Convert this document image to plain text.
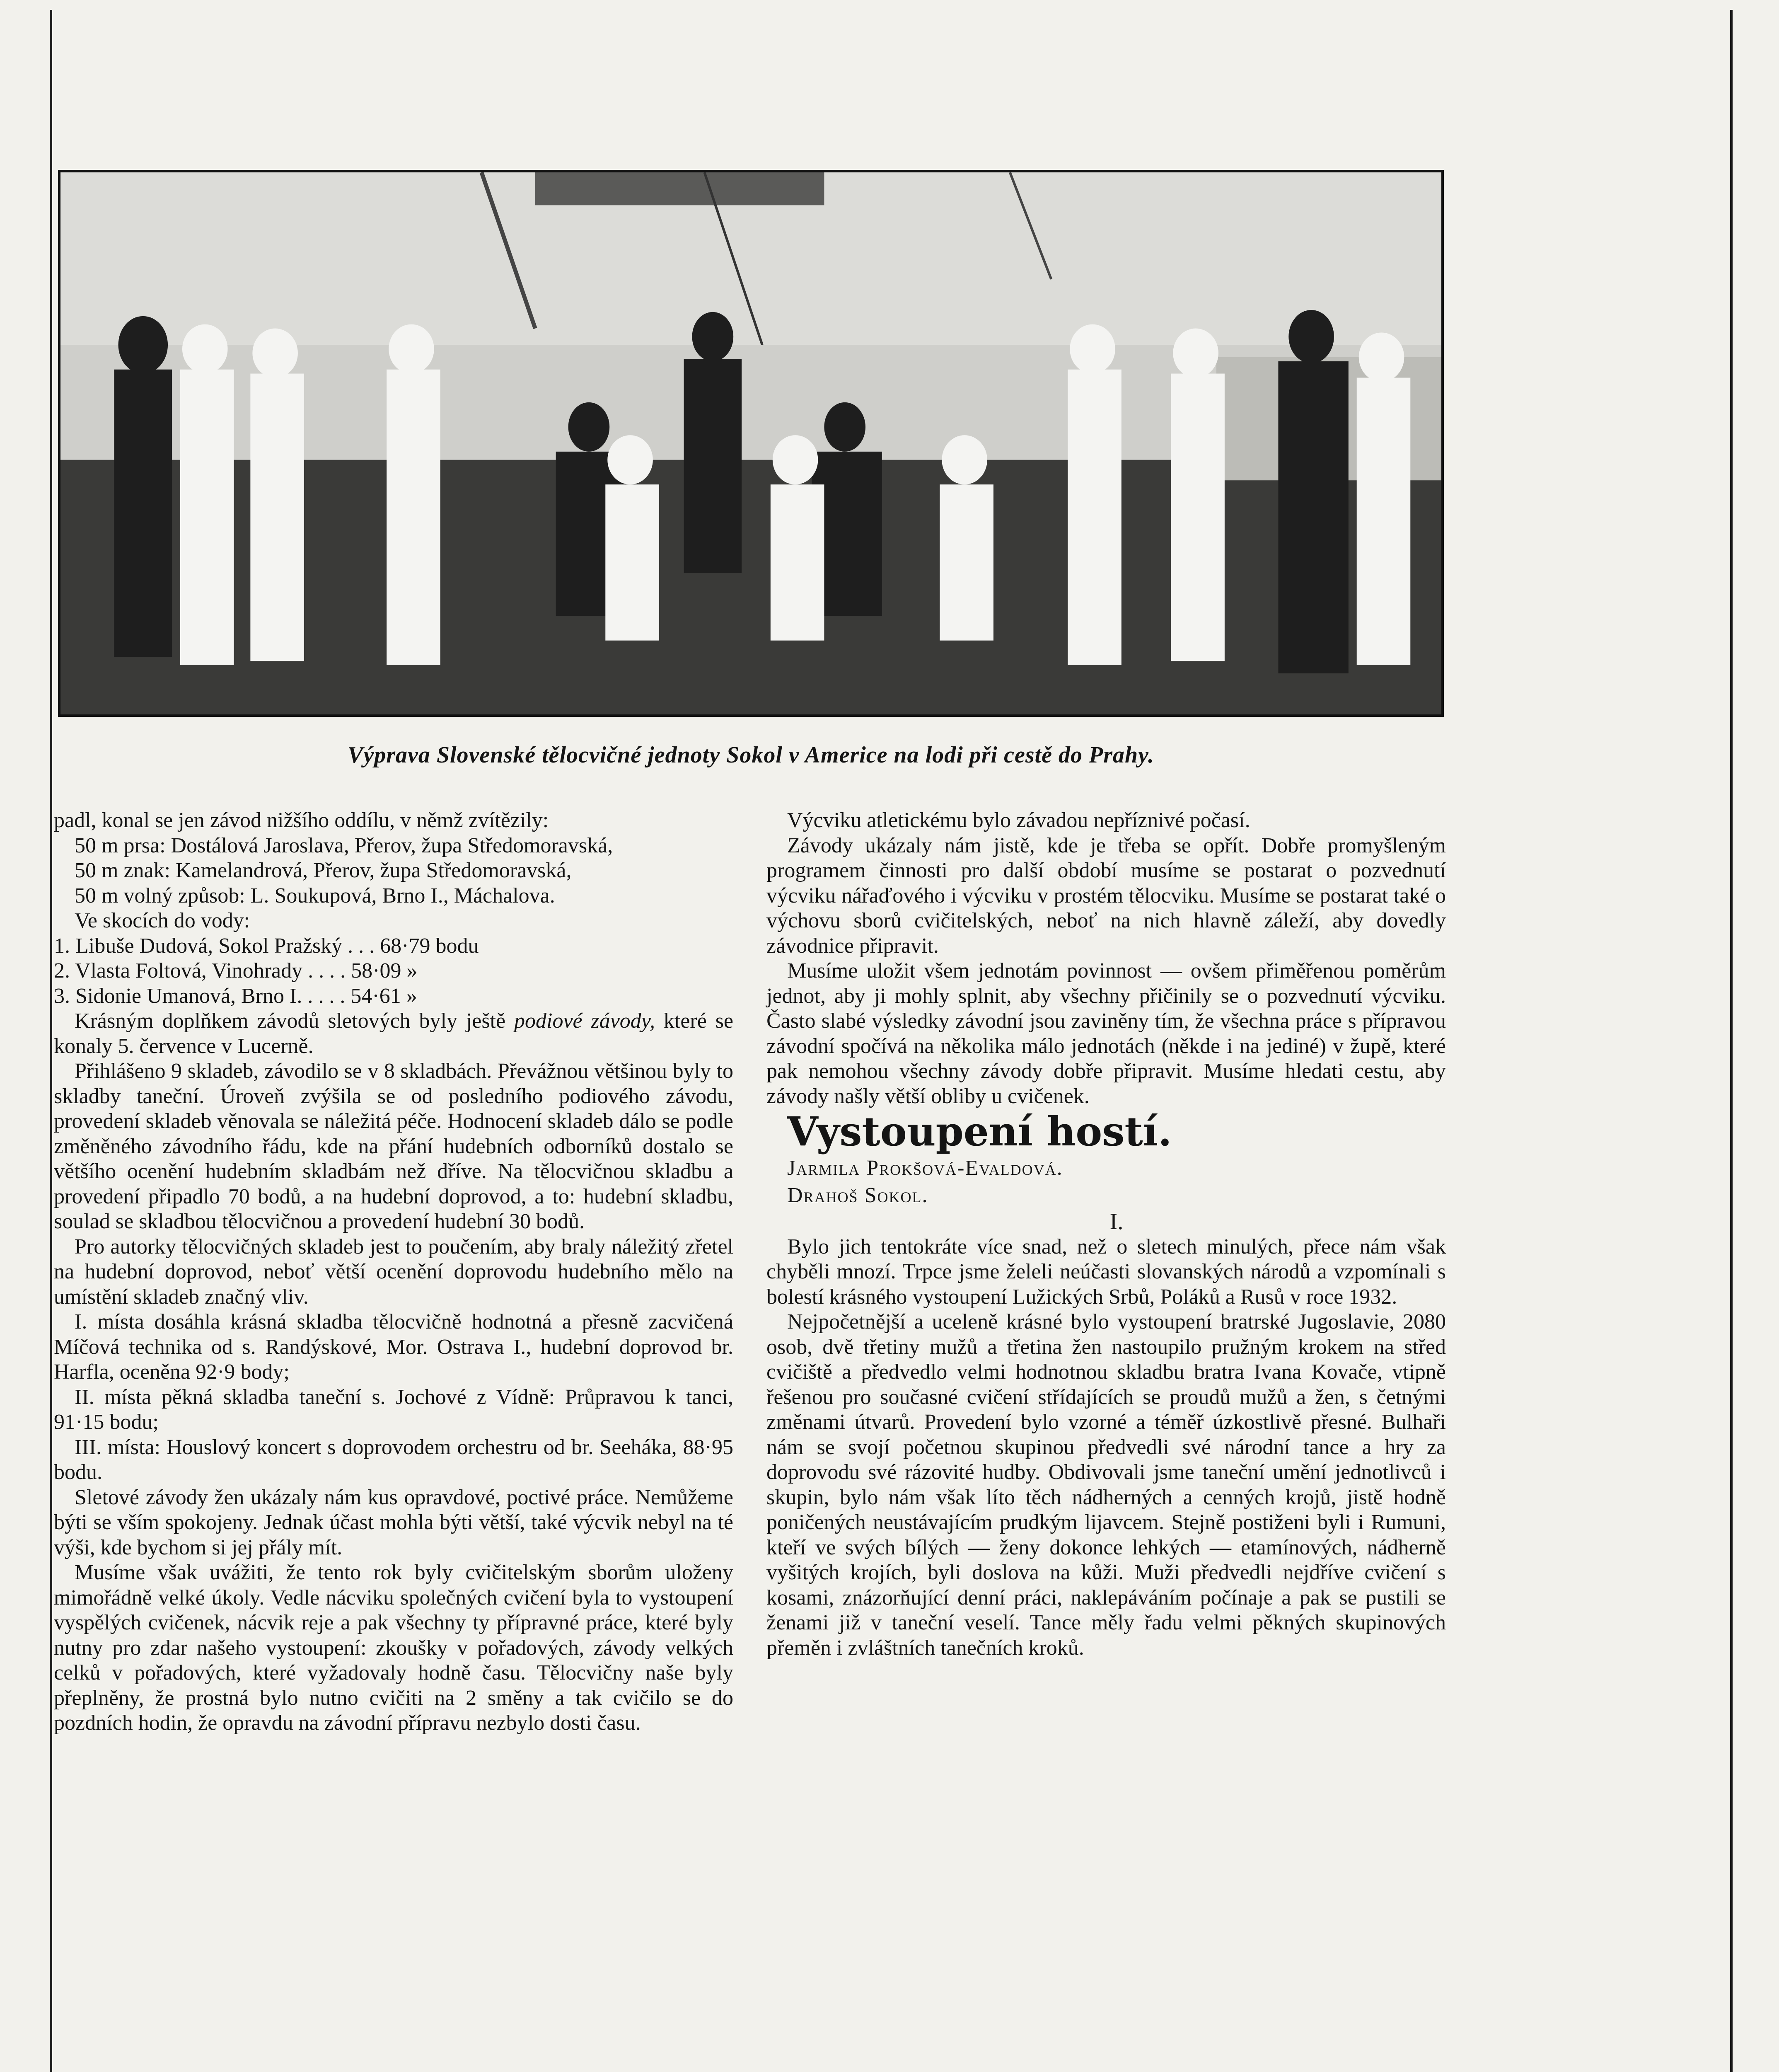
Výprava Slovenské tělocvičné jednoty Sokol v Americe na lodi při cestě do Prahy.

padl, konal se jen závod nižšího oddílu, v němž zvítězily:

50 m prsa: Dostálová Jaroslava, Přerov, župa Středomoravská,

50 m znak: Kamelandrová, Přerov, župa Středomoravská,

50 m volný způsob: L. Soukupová, Brno I., Máchalova.

Ve skocích do vody:

1. Libuše Dudová, Sokol Pražský . . . 68·79 bodu

2. Vlasta Foltová, Vinohrady . . . . 58·09 »

3. Sidonie Umanová, Brno I. . . . . 54·61 »

Krásným doplňkem závodů sletových byly ještě podiové závody, které se konaly 5. července v Lucerně.

Přihlášeno 9 skladeb, závodilo se v 8 skladbách. Převážnou většinou byly to skladby taneční. Úroveň zvýšila se od posledního podiového závodu, provedení skladeb věnovala se náležitá péče. Hodnocení skladeb dálo se podle změněného závodního řádu, kde na přání hudebních odborníků dostalo se většího ocenění hudebním skladbám než dříve. Na tělocvičnou skladbu a provedení připadlo 70 bodů, a na hudební doprovod, a to: hudební skladbu, soulad se skladbou tělocvičnou a provedení hudební 30 bodů.

Pro autorky tělocvičných skladeb jest to poučením, aby braly náležitý zřetel na hudební doprovod, neboť větší ocenění doprovodu hudebního mělo na umístění skladeb značný vliv.

I. místa dosáhla krásná skladba tělocvičně hodnotná a přesně zacvičená Míčová technika od s. Randýskové, Mor. Ostrava I., hudební doprovod br. Harfla, oceněna 92·9 body;

II. místa pěkná skladba taneční s. Jochové z Vídně: Průpravou k tanci, 91·15 bodu;

III. místa: Houslový koncert s doprovodem orchestru od br. Seeháka, 88·95 bodu.

Sletové závody žen ukázaly nám kus opravdové, poctivé práce. Nemůžeme býti se vším spokojeny. Jednak účast mohla býti větší, také výcvik nebyl na té výši, kde bychom si jej přály mít.

Musíme však uvážiti, že tento rok byly cvičitelským sborům uloženy mimořádně velké úkoly. Vedle nácviku společných cvičení byla to vystoupení vyspělých cvičenek, nácvik reje a pak všechny ty přípravné práce, které byly nutny pro zdar našeho vystoupení: zkoušky v pořadových, závody velkých celků v pořadových, které vyžadovaly hodně času. Tělocvičny naše byly přeplněny, že prostná bylo nutno cvičiti na 2 směny a tak cvičilo se do pozdních hodin, že opravdu na závodní přípravu nezbylo dosti času.

Výcviku atletickému bylo závadou nepříznivé počasí.

Závody ukázaly nám jistě, kde je třeba se opřít. Dobře promyšleným programem činnosti pro další období musíme se postarat o pozvednutí výcviku nářaďového i výcviku v prostém tělocviku. Musíme se postarat také o výchovu sborů cvičitelských, neboť na nich hlavně záleží, aby dovedly závodnice připravit.

Musíme uložit všem jednotám povinnost — ovšem přiměřenou poměrům jednot, aby ji mohly splnit, aby všechny přičinily se o pozvednutí výcviku. Často slabé výsledky závodní jsou zaviněny tím, že všechna práce s přípravou závodní spočívá na několika málo jednotách (někde i na jediné) v župě, které pak nemohou všechny závody dobře připravit. Musíme hledati cestu, aby závody našly větší obliby u cvičenek.

Vystoupení hostí.

Jarmila Prokšová-Evaldová.

Drahoš Sokol.

I.

Bylo jich tentokráte více snad, než o sletech minulých, přece nám však chyběli mnozí. Trpce jsme želeli neúčasti slovanských národů a vzpomínali s bolestí krásného vystoupení Lužických Srbů, Poláků a Rusů v roce 1932.

Nejpočetnější a uceleně krásné bylo vystoupení bratrské Jugoslavie, 2080 osob, dvě třetiny mužů a třetina žen nastoupilo pružným krokem na střed cvičiště a předvedlo velmi hodnotnou skladbu bratra Ivana Kovače, vtipně řešenou pro současné cvičení střídajících se proudů mužů a žen, s četnými změnami útvarů. Provedení bylo vzorné a téměř úzkostlivě přesné. Bulhaři nám se svojí početnou skupinou předvedli své národní tance a hry za doprovodu své rázovité hudby. Obdivovali jsme taneční umění jednotlivců i skupin, bylo nám však líto těch nádherných a cenných krojů, jistě hodně poničených neustávajícím prudkým lijavcem. Stejně postiženi byli i Rumuni, kteří ve svých bílých — ženy dokonce lehkých — etamínových, nádherně vyšitých krojích, byli doslova na kůži. Muži předvedli nejdříve cvičení s kosami, znázorňující denní práci, naklepáváním počínaje a pak se pustili se ženami již v taneční veselí. Tance měly řadu velmi pěkných skupinových přeměn i zvláštních tanečních kroků.
